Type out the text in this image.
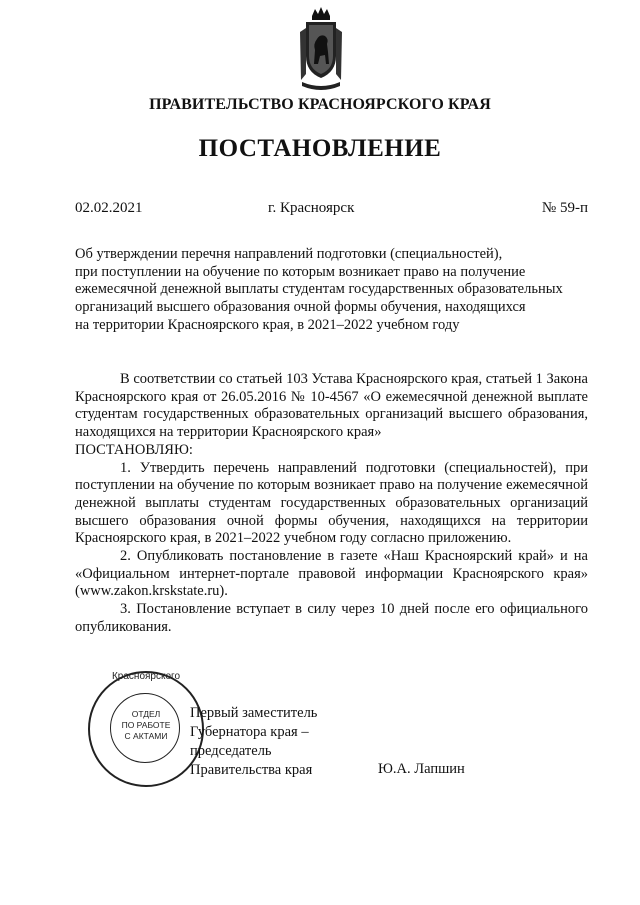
ПРАВИТЕЛЬСТВО КРАСНОЯРСКОГО КРАЯ
ПОСТАНОВЛЕНИЕ
02.02.2021	г. Красноярск	№ 59-п
Об утверждении перечня направлений подготовки (специальностей),
при поступлении на обучение по которым возникает право на получение
ежемесячной денежной выплаты студентам государственных образовательных
организаций высшего образования очной формы обучения, находящихся
на территории Красноярского края, в 2021–2022 учебном году

В соответствии со статьей 103 Устава Красноярского края, статьей 1 Закона Красноярского края от 26.05.2016 № 10-4567 «О ежемесячной денежной выплате студентам государственных образовательных организаций высшего образования, находящихся на территории Красноярского края»

ПОСТАНОВЛЯЮ:

1. Утвердить перечень направлений подготовки (специальностей), при поступлении на обучение по которым возникает право на получение ежемесячной денежной выплаты студентам государственных образовательных организаций высшего образования очной формы обучения, находящихся на территории Красноярского края, в 2021–2022 учебном году согласно приложению.

2. Опубликовать постановление в газете «Наш Красноярский край» и на «Официальном интернет-портале правовой информации Красноярского края» (www.zakon.krskstate.ru).

3. Постановление вступает в силу через 10 дней после его официального опубликования.

Красноярского
ОТДЕЛ
ПО РАБОТЕ
С АКТАМИ
Первый заместитель
Губернатора края –
председатель
Правительства края	Ю.А. Лапшин
